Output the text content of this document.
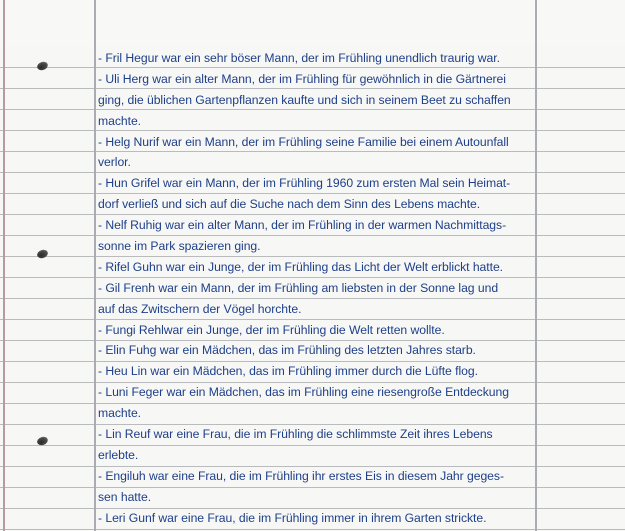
- Fril Hegur war ein sehr böser Mann, der im Frühling unendlich traurig war.
- Uli Herg war ein alter Mann, der im Frühling für gewöhnlich in die Gärtnerei
ging, die üblichen Gartenpflanzen kaufte und sich in seinem Beet zu schaffen
machte.
- Helg Nurif war ein Mann, der im Frühling seine Familie bei einem Autounfall
verlor.
- Hun Grifel war ein Mann, der im Frühling 1960 zum ersten Mal sein Heimat-
dorf verließ und sich auf die Suche nach dem Sinn des Lebens machte.
- Nelf Ruhig war ein alter Mann, der im Frühling in der warmen Nachmittags-
sonne im Park spazieren ging.
- Rifel Guhn war ein Junge, der im Frühling das Licht der Welt erblickt hatte.
- Gil Frenh war ein Mann, der im Frühling am liebsten in der Sonne lag und
auf das Zwitschern der Vögel horchte.
- Fungi Rehlwar ein Junge, der im Frühling die Welt retten wollte.
- Elin Fuhg war ein Mädchen, das im Frühling des letzten Jahres starb.
- Heu Lin war ein Mädchen, das im Frühling immer durch die Lüfte flog.
- Luni Feger war ein Mädchen, das im Frühling eine riesengroße Entdeckung
machte.
- Lin Reuf war eine Frau, die im Frühling die schlimmste Zeit ihres Lebens
erlebte.
- Engiluh war eine Frau, die im Frühling ihr erstes Eis in diesem Jahr geges-
sen hatte.
- Leri Gunf war eine Frau, die im Frühling immer in ihrem Garten strickte.
